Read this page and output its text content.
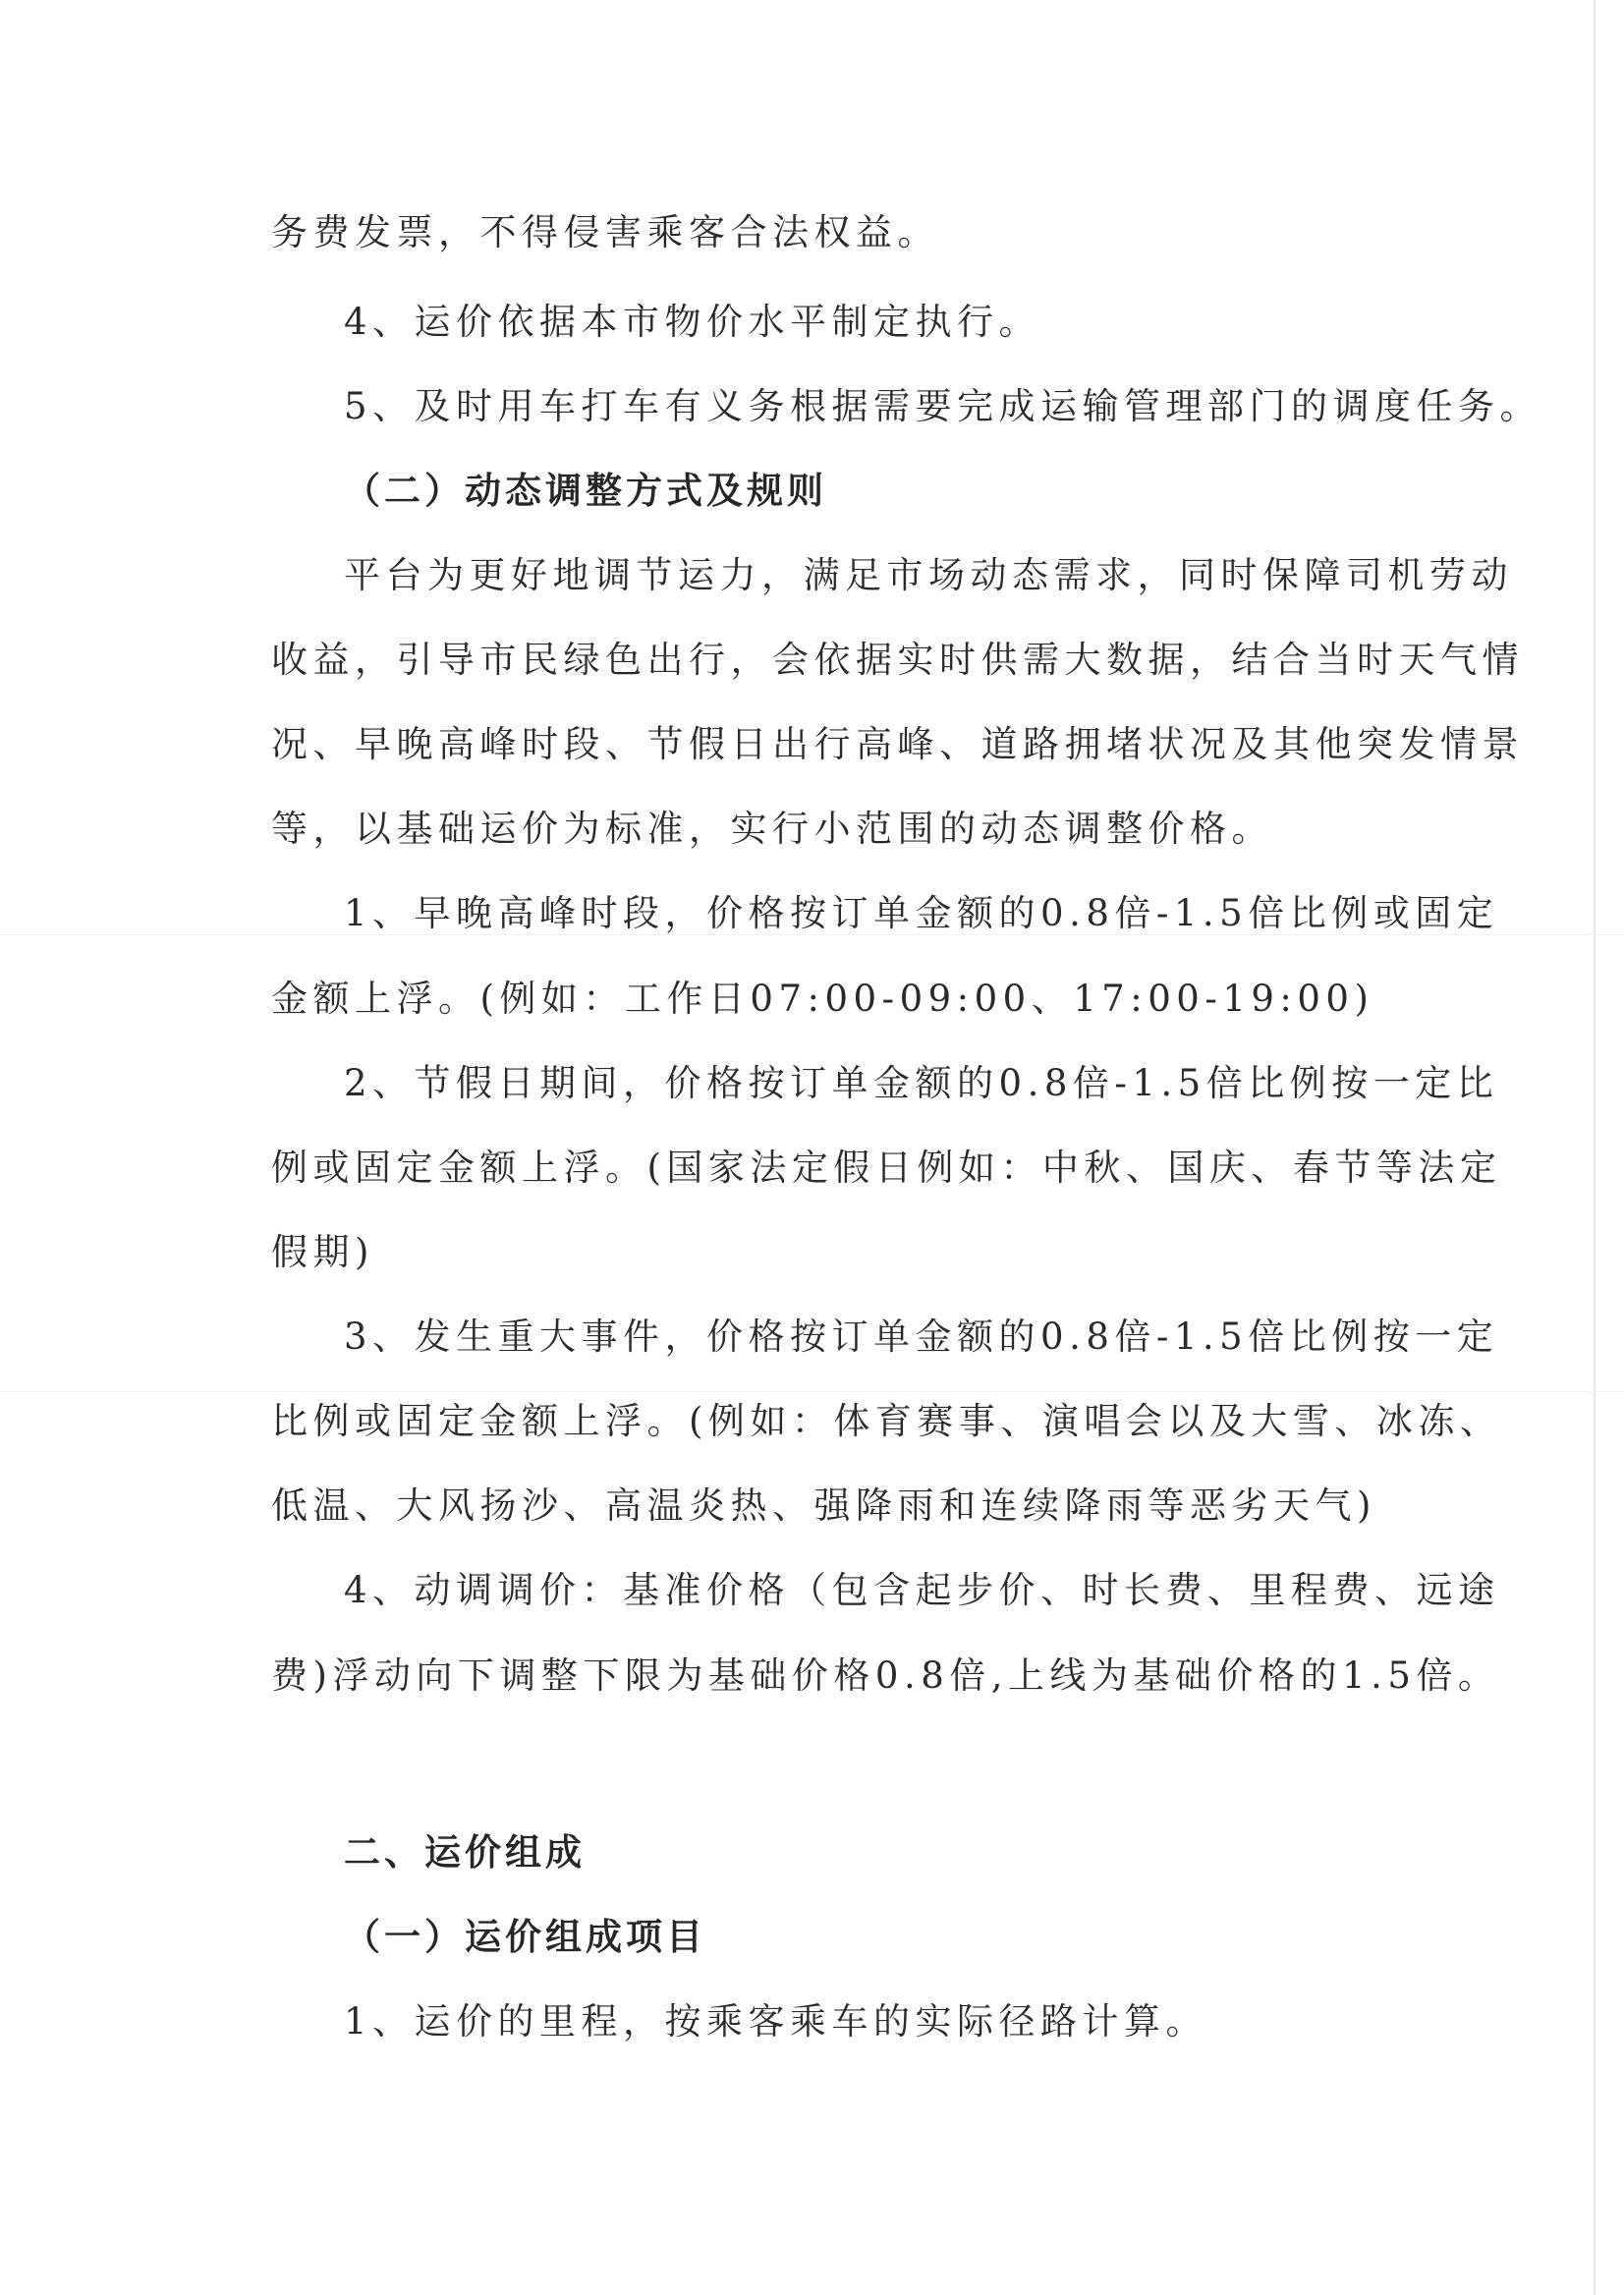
务费发票，不得侵害乘客合法权益。
4、运价依据本市物价水平制定执行。
5、及时用车打车有义务根据需要完成运输管理部门的调度任务。
（二）动态调整方式及规则
平台为更好地调节运力，满足市场动态需求，同时保障司机劳动
收益，引导市民绿色出行，会依据实时供需大数据，结合当时天气情
况、早晚高峰时段、节假日出行高峰、道路拥堵状况及其他突发情景
等，以基础运价为标准，实行小范围的动态调整价格。
1、早晚高峰时段，价格按订单金额的0.8倍-1.5倍比例或固定
金额上浮。(例如：工作日07:00-09:00、17:00-19:00)
2、节假日期间，价格按订单金额的0.8倍-1.5倍比例按一定比
例或固定金额上浮。(国家法定假日例如：中秋、国庆、春节等法定
假期)
3、发生重大事件，价格按订单金额的0.8倍-1.5倍比例按一定
比例或固定金额上浮。(例如：体育赛事、演唱会以及大雪、冰冻、
低温、大风扬沙、高温炎热、强降雨和连续降雨等恶劣天气)
4、动调调价：基准价格（包含起步价、时长费、里程费、远途
费)浮动向下调整下限为基础价格0.8倍,上线为基础价格的1.5倍。
二、运价组成
（一）运价组成项目
1、运价的里程，按乘客乘车的实际径路计算。
